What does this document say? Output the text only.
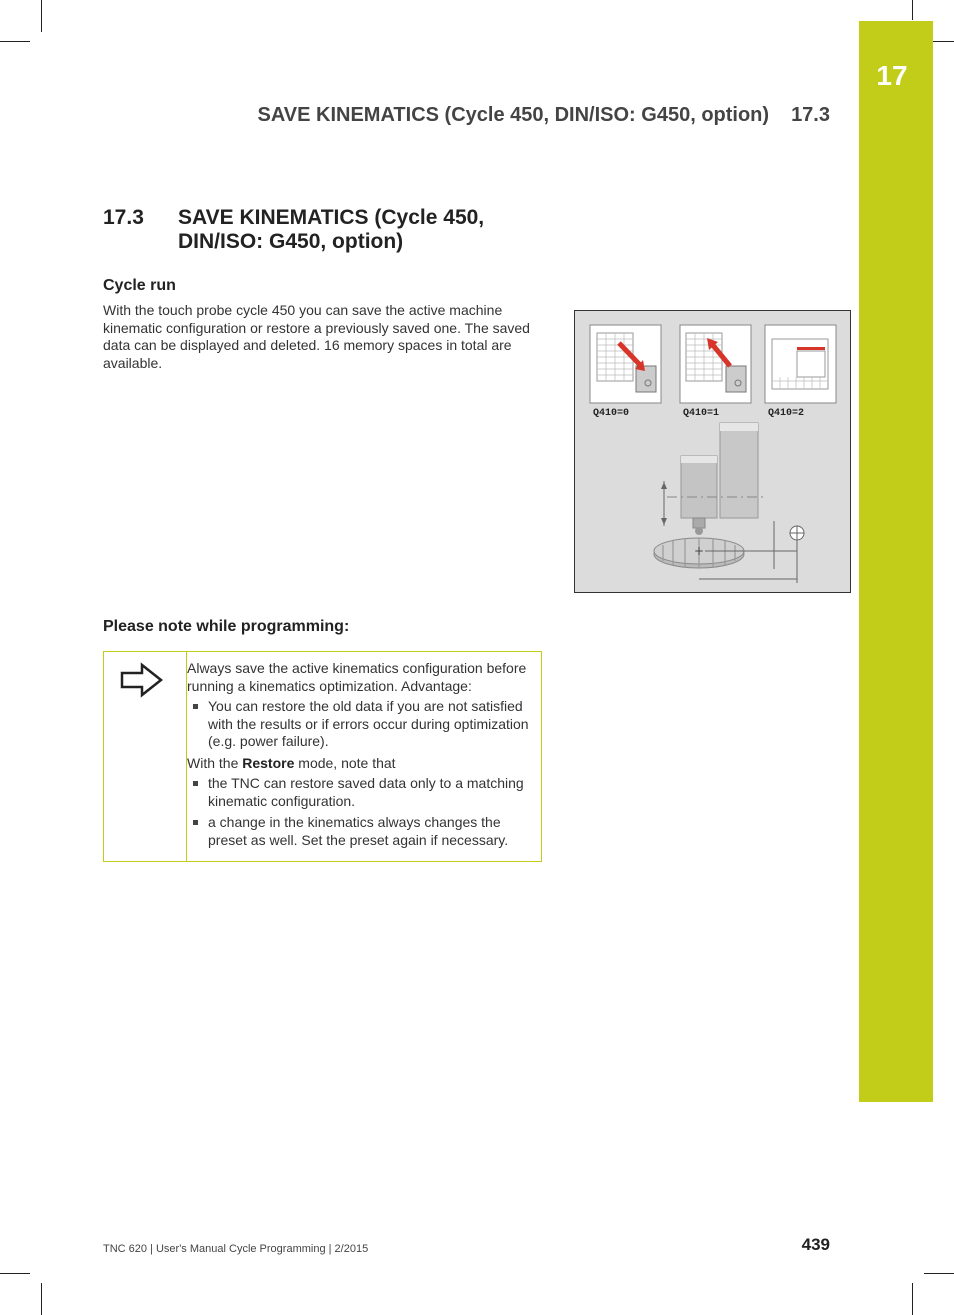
17
SAVE KINEMATICS (Cycle 450, DIN/ISO: G450, option) 17.3
17.3 SAVE KINEMATICS (Cycle 450,
DIN/ISO: G450, option)
Cycle run
With the touch probe cycle 450 you can save the active machine kinematic configuration or restore a previously saved one. The saved data can be displayed and deleted. 16 memory spaces in total are available.
Q410=0	Q410=1	Q410=2
+
Please note while programming:

Always save the active kinematics configuration before running a kinematics optimization. Advantage:

You can restore the old data if you are not satisfied with the results or if errors occur during optimization (e.g. power failure).

With the Restore mode, note that

the TNC can restore saved data only to a matching kinematic configuration.
a change in the kinematics always changes the preset as well. Set the preset again if necessary.
TNC 620 | User's Manual Cycle Programming | 2/2015	439
